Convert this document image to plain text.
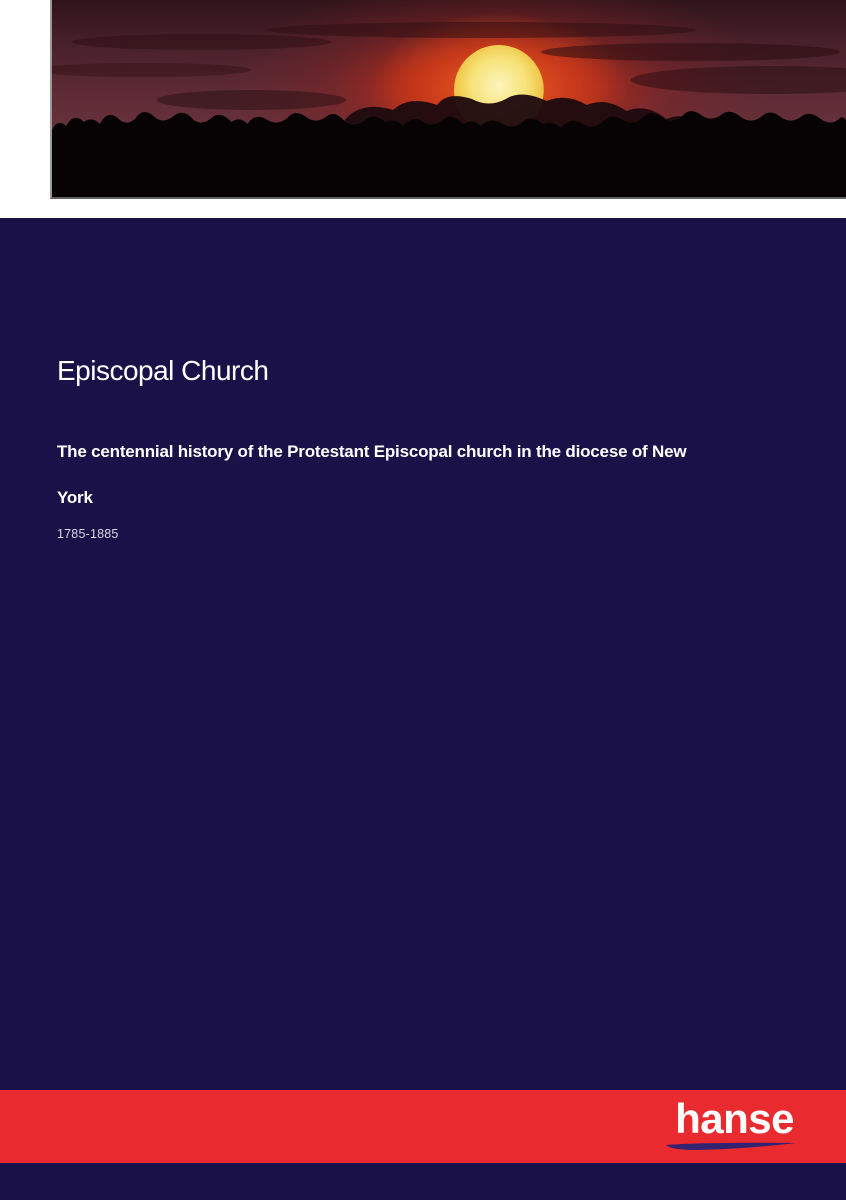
Episcopal Church
The centennial history of the Protestant Episcopal church in the diocese of New
York
1785-1885
hanse
